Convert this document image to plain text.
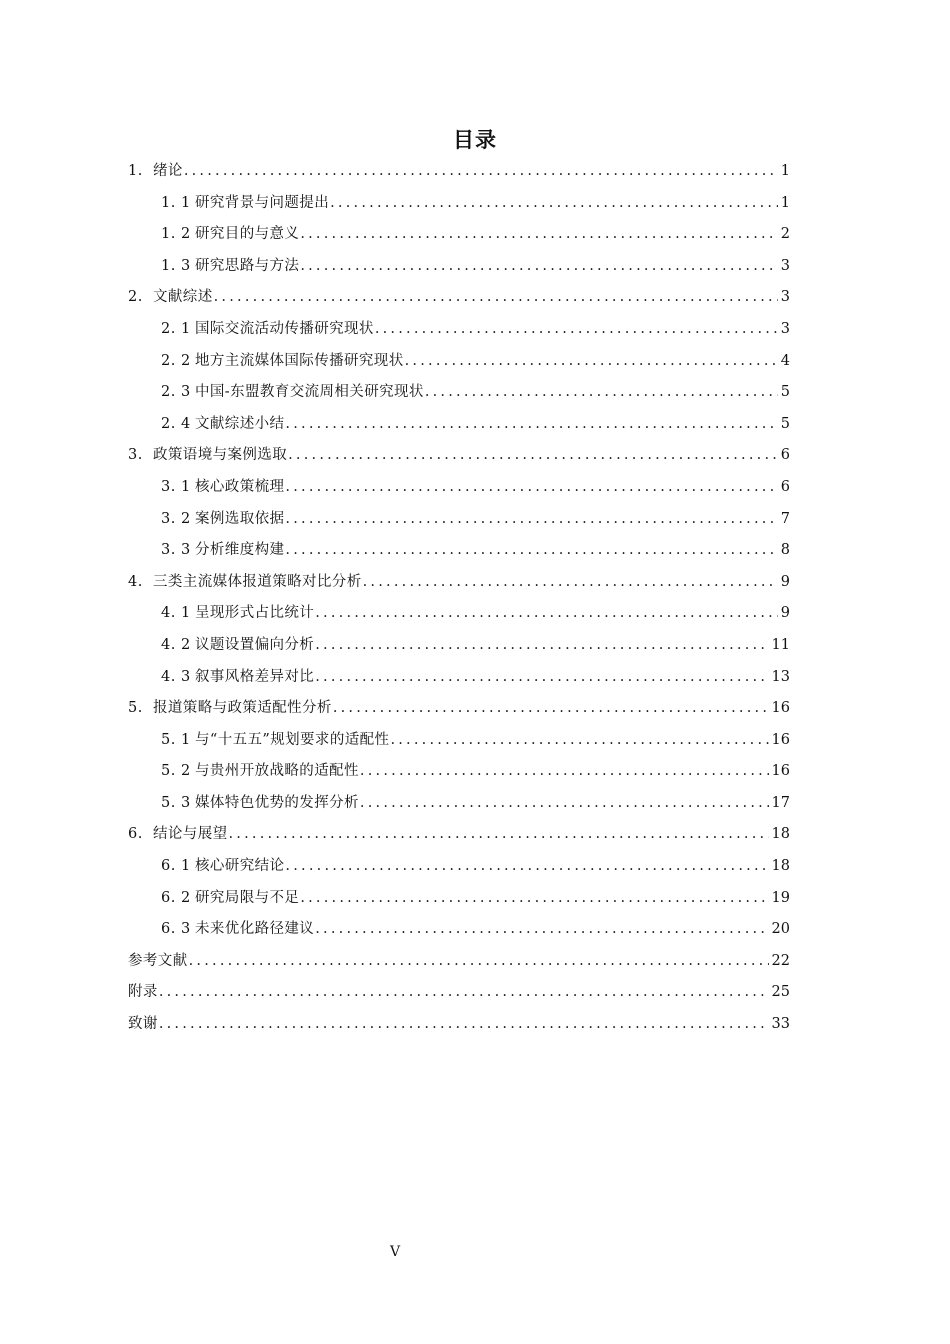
目录
1. 绪论 .....	1
1. 1 研究背景与问题提出 .....	1
1. 2 研究目的与意义 .....	2
1. 3 研究思路与方法 .....	3
2. 文献综述 .....	3
2. 1 国际交流活动传播研究现状 .....	3
2. 2 地方主流媒体国际传播研究现状 .....	4
2. 3 中国-东盟教育交流周相关研究现状 .....	5
2. 4 文献综述小结 .....	5
3. 政策语境与案例选取 .....	6
3. 1 核心政策梳理 .....	6
3. 2 案例选取依据 .....	7
3. 3 分析维度构建 .....	8
4. 三类主流媒体报道策略对比分析 .....	9
4. 1 呈现形式占比统计 .....	9
4. 2 议题设置偏向分析 .....	11
4. 3 叙事风格差异对比 .....	13
5. 报道策略与政策适配性分析 .....	16
5. 1 与“十五五”规划要求的适配性 .....	16
5. 2 与贵州开放战略的适配性 .....	16
5. 3 媒体特色优势的发挥分析 .....	17
6. 结论与展望 .....	18
6. 1 核心研究结论 .....	18
6. 2 研究局限与不足 .....	19
6. 3 未来优化路径建议 .....	20
参考文献 .....	22
附录 .....	25
致谢 .....	33
V
